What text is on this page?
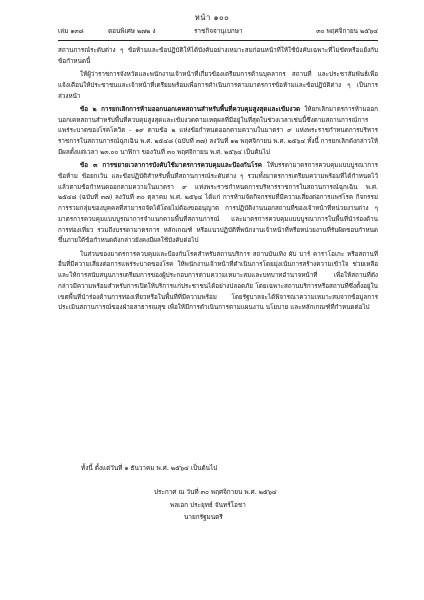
หน้า ๑๐๐
เล่ม ๑๓๘	ตอนพิเศษ ๒๗๒ ง	ราชกิจจานุเบกษา	๓๐ พฤศจิกายน ๒๕๖๔

สถานการณ์ระดับต่าง ๆ ข้อห้ามและข้อปฏิบัติให้ได้บังคับอย่างเหมาะสมก่อนหน้าที่ให้ใช้บังคับเฉพาะที่ไม่ขัดหรือแย้งกับข้อกำหนดนี้

ให้ผู้ว่าราชการจังหวัดและพนักงานเจ้าหน้าที่เกี่ยวข้องเตรียมการด้านบุคลากร สถานที่ และประชาสัมพันธ์เพื่อแจ้งเตือนให้ประชาชนและเจ้าหน้าที่เตรียมพร้อมเพื่อการดำเนินการตามมาตรการข้อห้ามและข้อปฏิบัติต่าง ๆ เป็นการล่วงหน้า

ข้อ ๒ การยกเลิกการห้ามออกนอกเคหสถานสำหรับพื้นที่ควบคุมสูงสุดและเข้มงวด ให้ยกเลิกมาตรการห้ามออกนอกเคหสถานสำหรับพื้นที่ควบคุมสูงสุดและเข้มงวดตามเหตุผลที่มีอยู่ในที่สุดในช่วงเวลาเช่นนี้ซึ่งตามสถานการณ์การแพร่ระบาดของโรคโควิด - ๑๙ ตามข้อ ๒ แห่งข้อกำหนดออกตามความในมาตรา ๙ แห่งพระราชกำหนดการบริหารราชการในสถานการณ์ฉุกเฉิน พ.ศ. ๒๕๔๘ (ฉบับที่ ๓๗) ลงวันที่ ๑๒ พฤศจิกายน พ.ศ. ๒๕๖๔ ทั้งนี้ การยกเลิกดังกล่าวให้มีผลตั้งแต่เวลา ๒๓.๐๐ นาฬิกา ของวันที่ ๓๐ พฤศจิกายน พ.ศ. ๒๕๖๔ เป็นต้นไป

ข้อ ๓ การขยายเวลาการบังคับใช้มาตรการควบคุมและป้องกันโรค ให้บรรดามาตรการควบคุมแบบบูรณาการ ข้อห้าม ข้อยกเว้น และข้อปฏิบัติสำหรับพื้นที่สถานการณ์ระดับต่าง ๆ รวมทั้งมาตรการเตรียมความพร้อมที่ได้กำหนดไว้แล้วตามข้อกำหนดออกตามความในมาตรา ๙ แห่งพระราชกำหนดการบริหารราชการในสถานการณ์ฉุกเฉิน พ.ศ. ๒๕๔๘ (ฉบับที่ ๓๗) ลงวันที่ ๓๐ ตุลาคม พ.ศ. ๒๕๖๔ ได้แก่ การห้ามจัดกิจกรรมที่มีความเสี่ยงต่อการแพร่โรค กิจกรรมการรวมกลุ่มของบุคคลที่สามารถจัดได้โดยไม่ต้องขออนุญาต การปฏิบัติงานนอกสถานที่ของเจ้าหน้าที่หน่วยงานต่าง ๆ มาตรการควบคุมแบบบูรณาการจำแนกตามพื้นที่สถานการณ์ และมาตรการควบคุมแบบบูรณาการในพื้นที่นำร่องด้านการท่องเที่ยว รวมถึงบรรดามาตรการ หลักเกณฑ์ หรือแนวปฏิบัติที่พนักงานเจ้าหน้าที่หรือหน่วยงานที่รับผิดชอบกำหนดขึ้นภายใต้ข้อกำหนดดังกล่าวยังคงมีผลใช้บังคับต่อไป

ในส่วนของมาตรการควบคุมและป้องกันโรคสำหรับสถานบริการ สถานบันเทิง ผับ บาร์ คาราโอเกะ หรือสถานที่อื่นที่มีความเสี่ยงต่อการแพร่ระบาดของโรค ให้พนักงานเจ้าหน้าที่ดำเนินการโดยมุ่งเน้นการสร้างความเข้าใจ ช่วยเหลือและให้การสนับสนุนการเตรียมการของผู้ประกอบการตามความเหมาะสมและบทบาทอำนาจหน้าที่ เพื่อให้สถานที่ดังกล่าวมีความพร้อมสำหรับการเปิดให้บริการแก่ประชาชนได้อย่างปลอดภัย โดยเฉพาะสถานบริการหรือสถานที่ซึ่งตั้งอยู่ในเขตพื้นที่นำร่องด้านการท่องเที่ยวหรือในพื้นที่ที่มีความพร้อม โดยรัฐบาลจะได้พิจารณาความเหมาะสมจากข้อมูลการประเมินสถานการณ์ของฝ่ายสาธารณสุข เพื่อให้มีการดำเนินการตามแผนงาน นโยบาย และหลักเกณฑ์ที่กำหนดต่อไป

ทั้งนี้ ตั้งแต่วันที่ ๑ ธันวาคม พ.ศ. ๒๕๖๔ เป็นต้นไป
ประกาศ ณ วันที่ ๓๐ พฤศจิกายน พ.ศ. ๒๕๖๔
พลเอก ประยุทธ์ จันทร์โอชา
นายกรัฐมนตรี
